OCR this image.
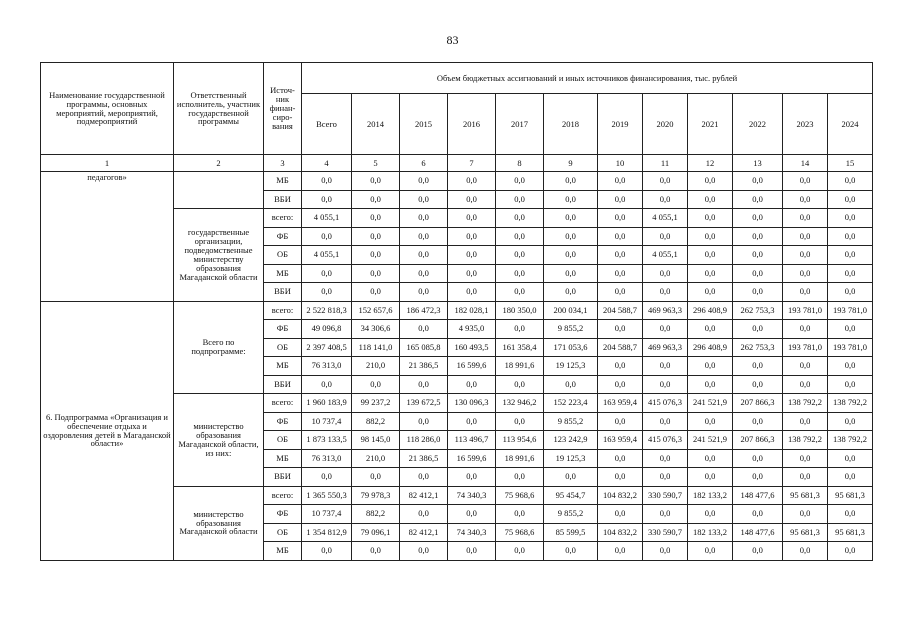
83
Наименование государственной программы, основных мероприятий, мероприятий, подмероприятий	Ответственный исполнитель, участник государственной программы	Источ-ник финан-сиро-вания	Объем бюджетных ассигнований и иных источников финансирования, тыс. рублей											
			Всего	2014	2015	2016	2017	2018	2019	2020	2021	2022	2023	2024
1	2	3	4	5	6	7	8	9	10	11	12	13	14	15
педагогов»		МБ	0,0	0,0	0,0	0,0	0,0	0,0	0,0	0,0	0,0	0,0	0,0	0,0
		ВБИ	0,0	0,0	0,0	0,0	0,0	0,0	0,0	0,0	0,0	0,0	0,0	0,0
	государственные организации, подведомственные министерству образования Магаданской области	всего:	4 055,1	0,0	0,0	0,0	0,0	0,0	0,0	4 055,1	0,0	0,0	0,0	0,0
		ФБ	0,0	0,0	0,0	0,0	0,0	0,0	0,0	0,0	0,0	0,0	0,0	0,0
		ОБ	4 055,1	0,0	0,0	0,0	0,0	0,0	0,0	4 055,1	0,0	0,0	0,0	0,0
		МБ	0,0	0,0	0,0	0,0	0,0	0,0	0,0	0,0	0,0	0,0	0,0	0,0
		ВБИ	0,0	0,0	0,0	0,0	0,0	0,0	0,0	0,0	0,0	0,0	0,0	0,0
6. Подпрограмма «Организация и обеспечение отдыха и оздоровления детей в Магаданской области»	Всего по подпрограмме:	всего:	2 522 818,3	152 657,6	186 472,3	182 028,1	180 350,0	200 034,1	204 588,7	469 963,3	296 408,9	262 753,3	193 781,0	193 781,0
		ФБ	49 096,8	34 306,6	0,0	4 935,0	0,0	9 855,2	0,0	0,0	0,0	0,0	0,0	0,0
		ОБ	2 397 408,5	118 141,0	165 085,8	160 493,5	161 358,4	171 053,6	204 588,7	469 963,3	296 408,9	262 753,3	193 781,0	193 781,0
		МБ	76 313,0	210,0	21 386,5	16 599,6	18 991,6	19 125,3	0,0	0,0	0,0	0,0	0,0	0,0
		ВБИ	0,0	0,0	0,0	0,0	0,0	0,0	0,0	0,0	0,0	0,0	0,0	0,0
	министерство образования Магаданской области, из них:	всего:	1 960 183,9	99 237,2	139 672,5	130 096,3	132 946,2	152 223,4	163 959,4	415 076,3	241 521,9	207 866,3	138 792,2	138 792,2
		ФБ	10 737,4	882,2	0,0	0,0	0,0	9 855,2	0,0	0,0	0,0	0,0	0,0	0,0
		ОБ	1 873 133,5	98 145,0	118 286,0	113 496,7	113 954,6	123 242,9	163 959,4	415 076,3	241 521,9	207 866,3	138 792,2	138 792,2
		МБ	76 313,0	210,0	21 386,5	16 599,6	18 991,6	19 125,3	0,0	0,0	0,0	0,0	0,0	0,0
		ВБИ	0,0	0,0	0,0	0,0	0,0	0,0	0,0	0,0	0,0	0,0	0,0	0,0
	министерство образования Магаданской области	всего:	1 365 550,3	79 978,3	82 412,1	74 340,3	75 968,6	95 454,7	104 832,2	330 590,7	182 133,2	148 477,6	95 681,3	95 681,3
		ФБ	10 737,4	882,2	0,0	0,0	0,0	9 855,2	0,0	0,0	0,0	0,0	0,0	0,0
		ОБ	1 354 812,9	79 096,1	82 412,1	74 340,3	75 968,6	85 599,5	104 832,2	330 590,7	182 133,2	148 477,6	95 681,3	95 681,3
		МБ	0,0	0,0	0,0	0,0	0,0	0,0	0,0	0,0	0,0	0,0	0,0	0,0
